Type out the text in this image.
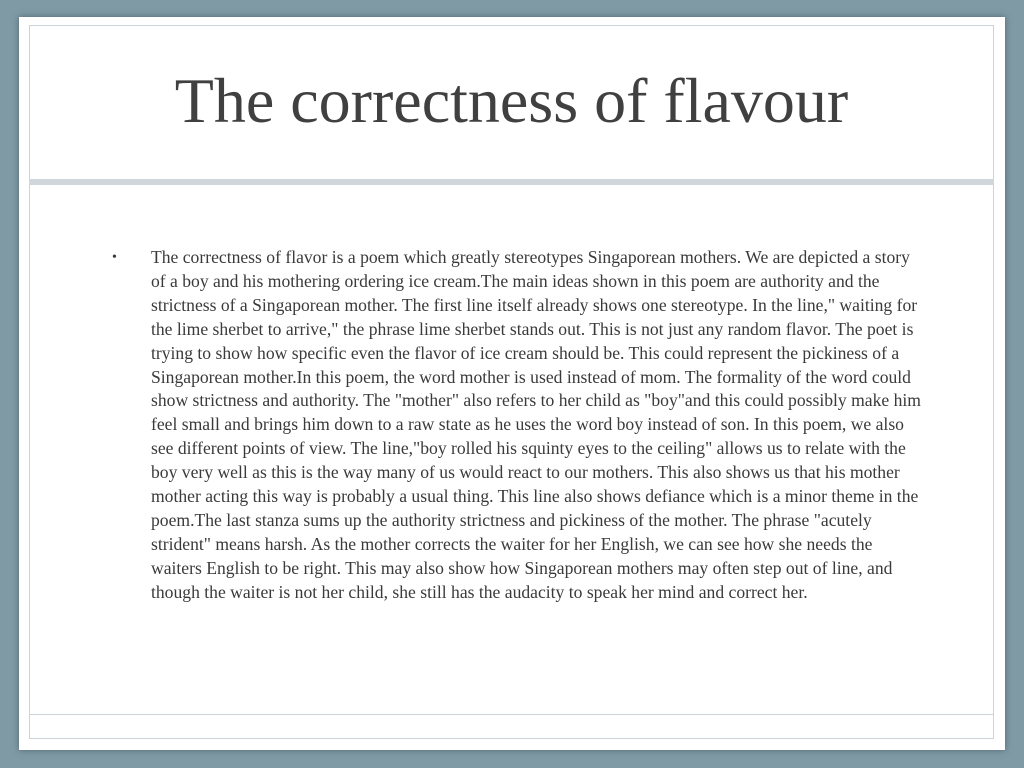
The correctness of flavour
•	The correctness of flavor is a poem which greatly stereotypes Singaporean mothers. We are depicted a story of a boy and his mothering ordering ice cream.The main ideas shown in this poem are authority and the strictness of a Singaporean mother. The first line itself already shows one stereotype. In the line," waiting for the lime sherbet to arrive," the phrase lime sherbet stands out. This is not just any random flavor. The poet is trying to show how specific even the flavor of ice cream should be. This could represent the pickiness of a Singaporean mother.In this poem, the word mother is used instead of mom. The formality of the word could show strictness and authority. The "mother" also refers to her child as "boy"and this could possibly make him feel small and brings him down to a raw state as he uses the word boy instead of son. In this poem, we also see different points of view. The line,"boy rolled his squinty eyes to the ceiling" allows us to relate with the boy very well as this is the way many of us would react to our mothers. This also shows us that his mother mother acting this way is probably a usual thing. This line also shows defiance which is a minor theme in the poem.The last stanza sums up the authority strictness and pickiness of the mother. The phrase "acutely strident" means harsh. As the mother corrects the waiter for her English, we can see how she needs the waiters English to be right. This may also show how Singaporean mothers may often step out of line, and though the waiter is not her child, she still has the audacity to speak her mind and correct her.
